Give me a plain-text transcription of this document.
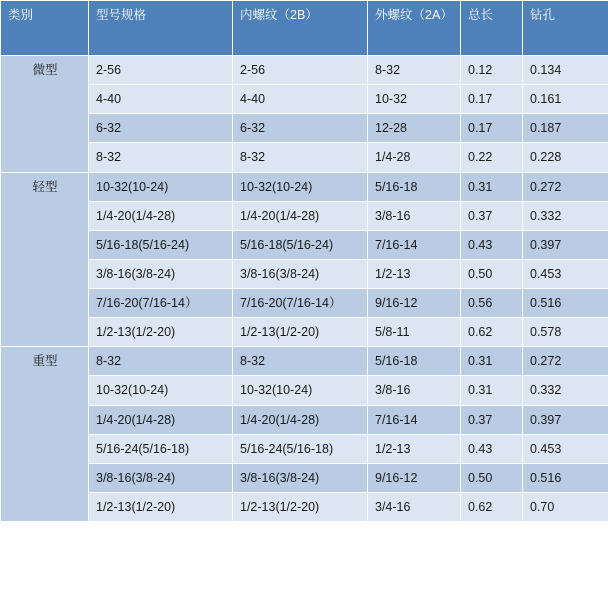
类别	型号规格	内螺纹（2B）	外螺纹（2A）	总长	钻孔

微型	2-56	2-56	8-32	0.12	0.134
	4-40	4-40	10-32	0.17	0.161
	6-32	6-32	12-28	0.17	0.187
	8-32	8-32	1/4-28	0.22	0.228

轻型	10-32(10-24)	10-32(10-24)	5/16-18	0.31	0.272
	1/4-20(1/4-28)	1/4-20(1/4-28)	3/8-16	0.37	0.332
	5/16-18(5/16-24)	5/16-18(5/16-24)	7/16-14	0.43	0.397
	3/8-16(3/8-24)	3/8-16(3/8-24)	1/2-13	0.50	0.453
	7/16-20(7/16-14）	7/16-20(7/16-14）	9/16-12	0.56	0.516
	1/2-13(1/2-20)	1/2-13(1/2-20)	5/8-11	0.62	0.578

重型	8-32	8-32	5/16-18	0.31	0.272
	10-32(10-24)	10-32(10-24)	3/8-16	0.31	0.332
	1/4-20(1/4-28)	1/4-20(1/4-28)	7/16-14	0.37	0.397
	5/16-24(5/16-18)	5/16-24(5/16-18)	1/2-13	0.43	0.453
	3/8-16(3/8-24)	3/8-16(3/8-24)	9/16-12	0.50	0.516
	1/2-13(1/2-20)	1/2-13(1/2-20)	3/4-16	0.62	0.70
